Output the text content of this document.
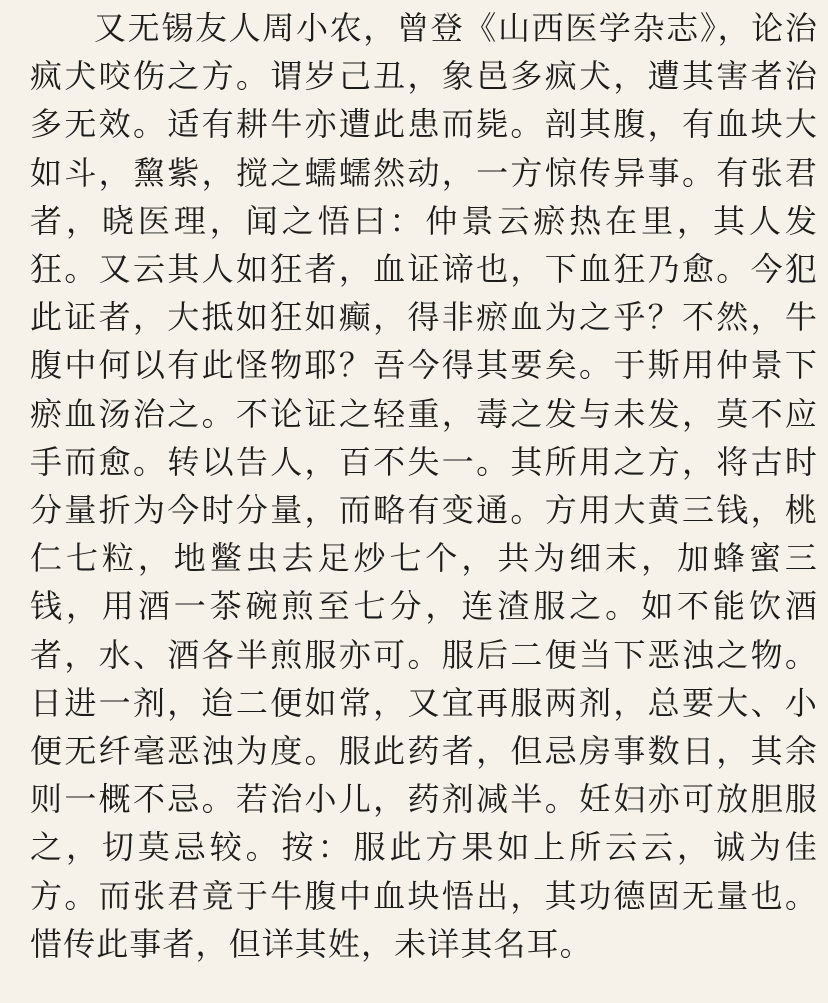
又无锡友人周小农，曾登《山西医学杂志》，论治疯犬咬伤之方。谓岁己丑，象邑多疯犬，遭其害者治多无效。适有耕牛亦遭此患而毙。剖其腹，有血块大如斗，黧紫，搅之蠕蠕然动，一方惊传异事。有张君者，晓医理，闻之悟曰：仲景云瘀热在里，其人发狂。又云其人如狂者，血证谛也，下血狂乃愈。今犯此证者，大抵如狂如癫，得非瘀血为之乎？不然，牛腹中何以有此怪物耶？吾今得其要矣。于斯用仲景下瘀血汤治之。不论证之轻重，毒之发与未发，莫不应手而愈。转以告人，百不失一。其所用之方，将古时分量折为今时分量，而略有变通。方用大黄三钱，桃仁七粒，地鳖虫去足炒七个，共为细末，加蜂蜜三钱，用酒一茶碗煎至七分，连渣服之。如不能饮酒者，水、酒各半煎服亦可。服后二便当下恶浊之物。日进一剂，迨二便如常，又宜再服两剂，总要大、小便无纤毫恶浊为度。服此药者，但忌房事数日，其余则一概不忌。若治小儿，药剂减半。妊妇亦可放胆服之，切莫忌较。按：服此方果如上所云云，诚为佳方。而张君竟于牛腹中血块悟出，其功德固无量也。惜传此事者，但详其姓，未详其名耳。
